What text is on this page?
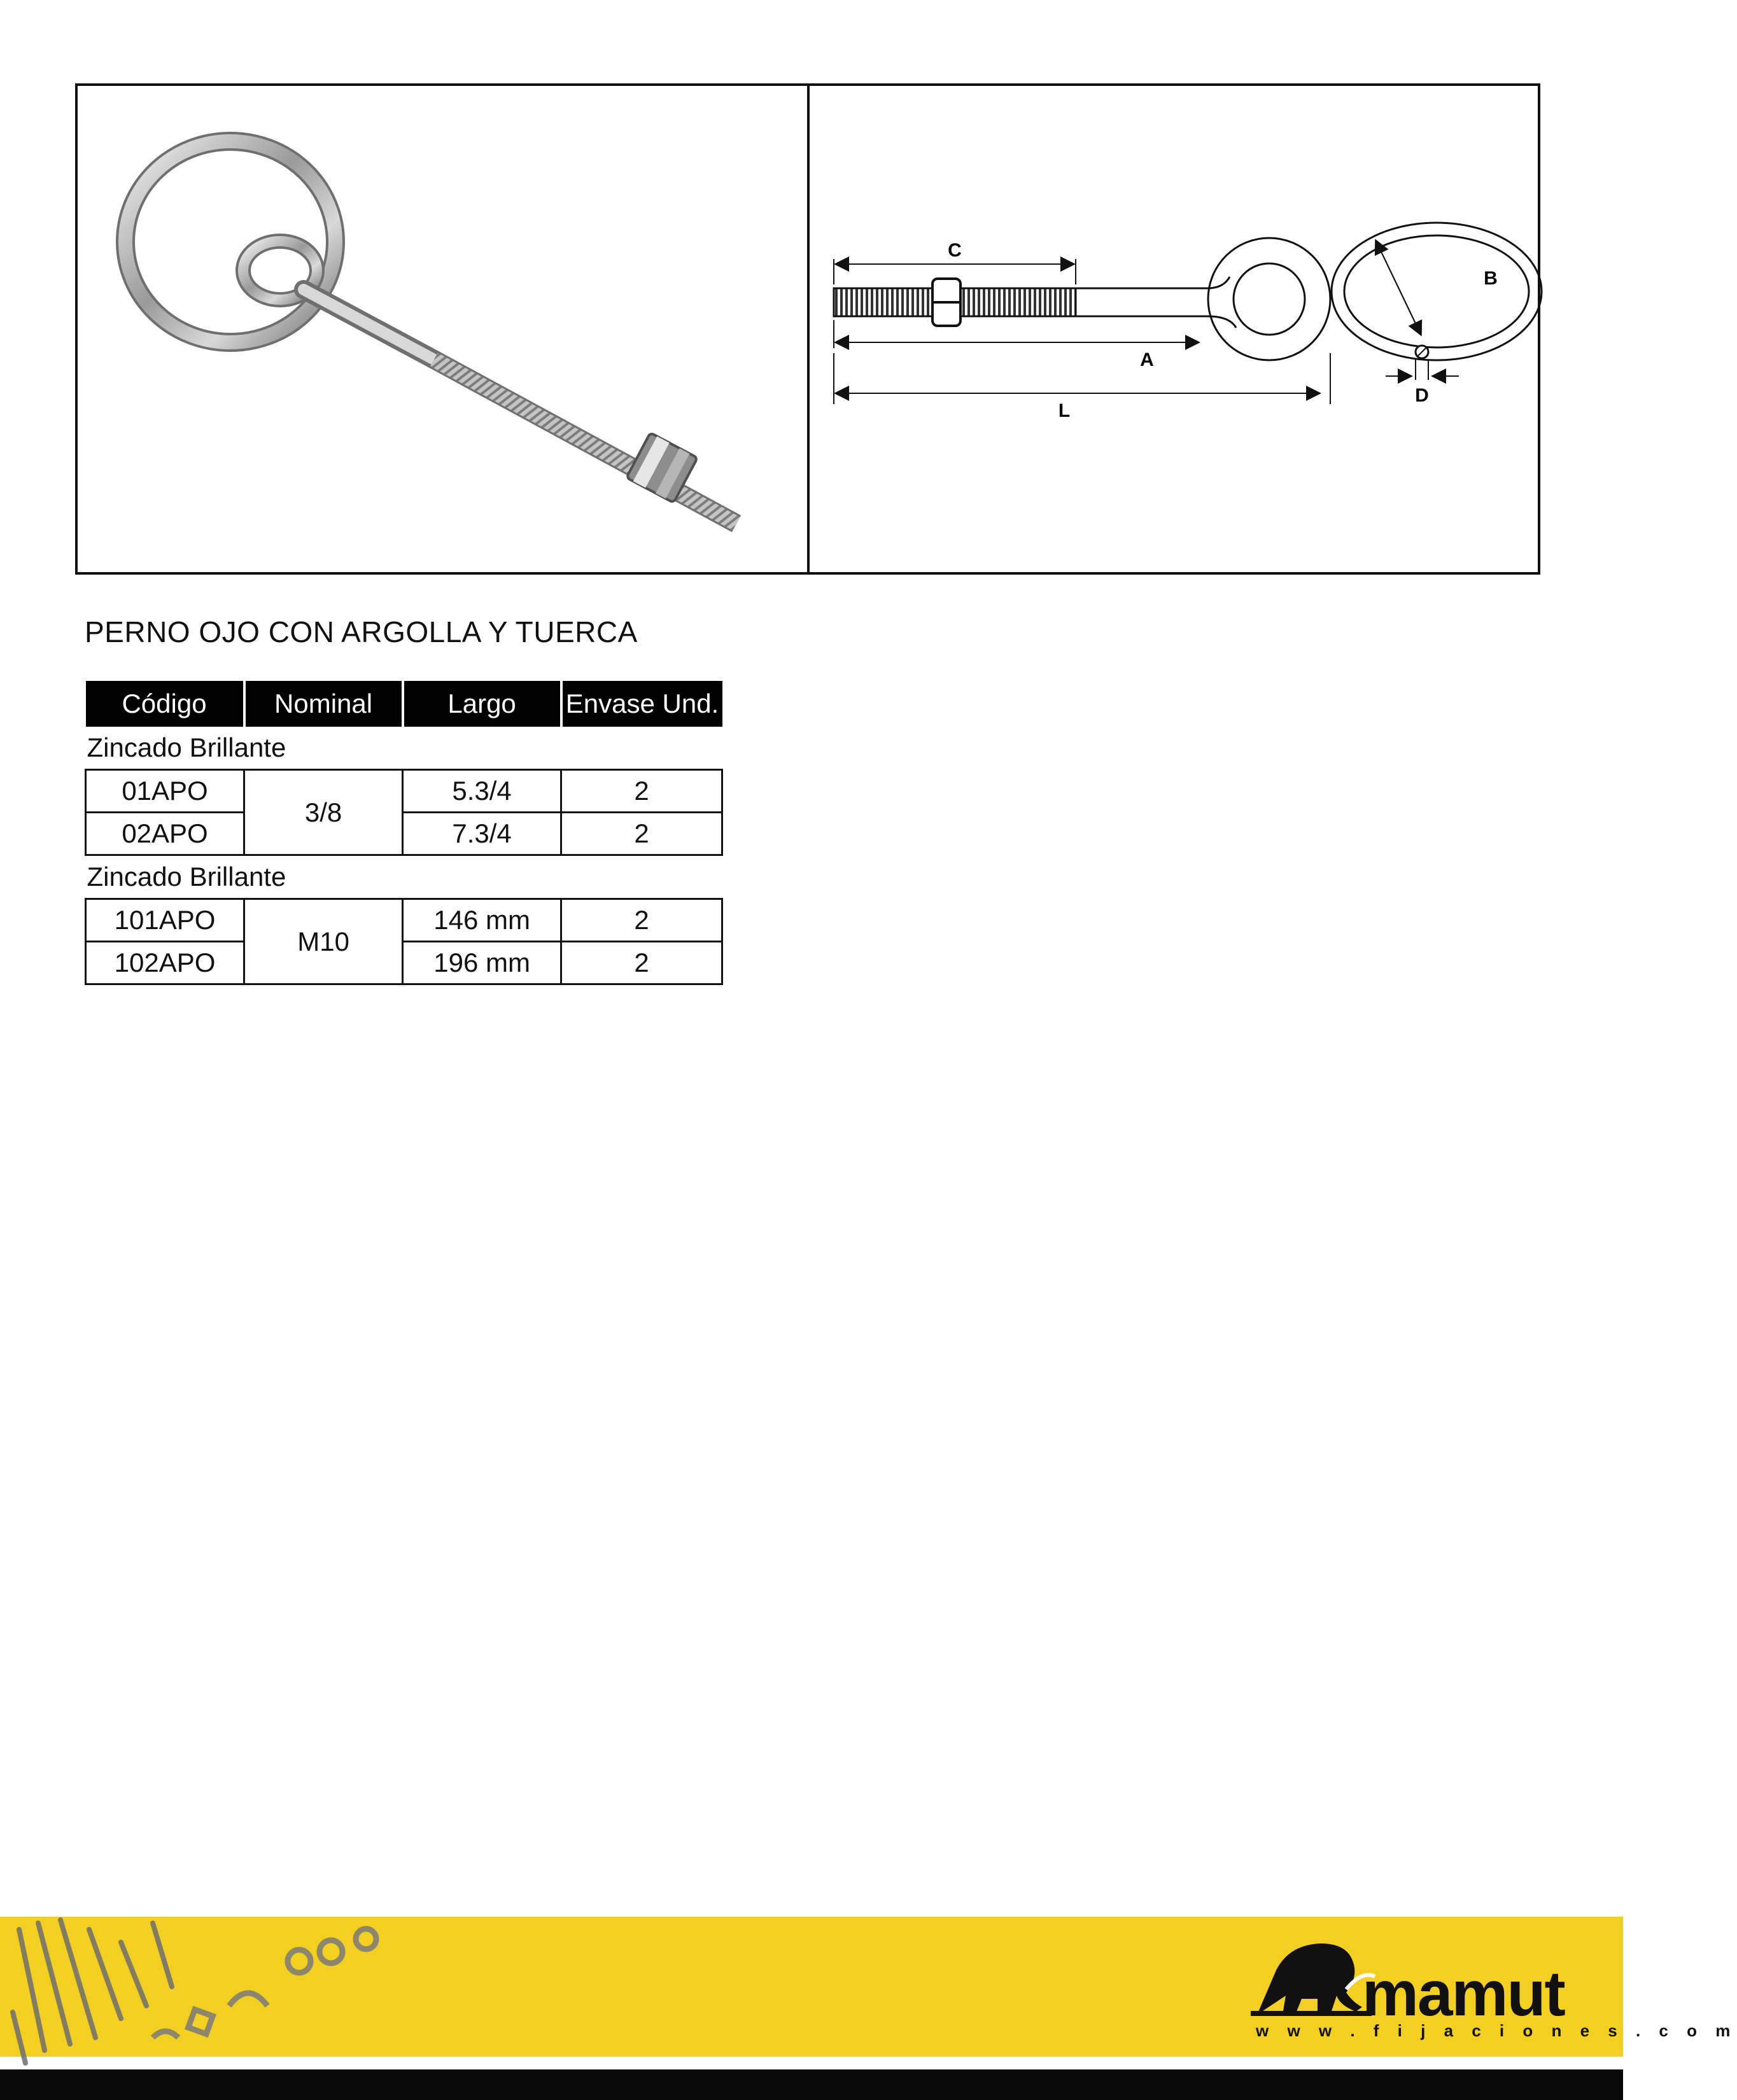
C
A
L
B
D
PERNO OJO CON ARGOLLA Y TUERCA
Código	Nominal	Largo	Envase Und.
Zincado Brillante			
01APO	3/8	5.3/4	2
02APO		7.3/4	2
Zincado Brillante			
101APO	M10	146 mm	2
102APO		196 mm	2
mamut
w w w . f i j a c i o n e s . c o m
